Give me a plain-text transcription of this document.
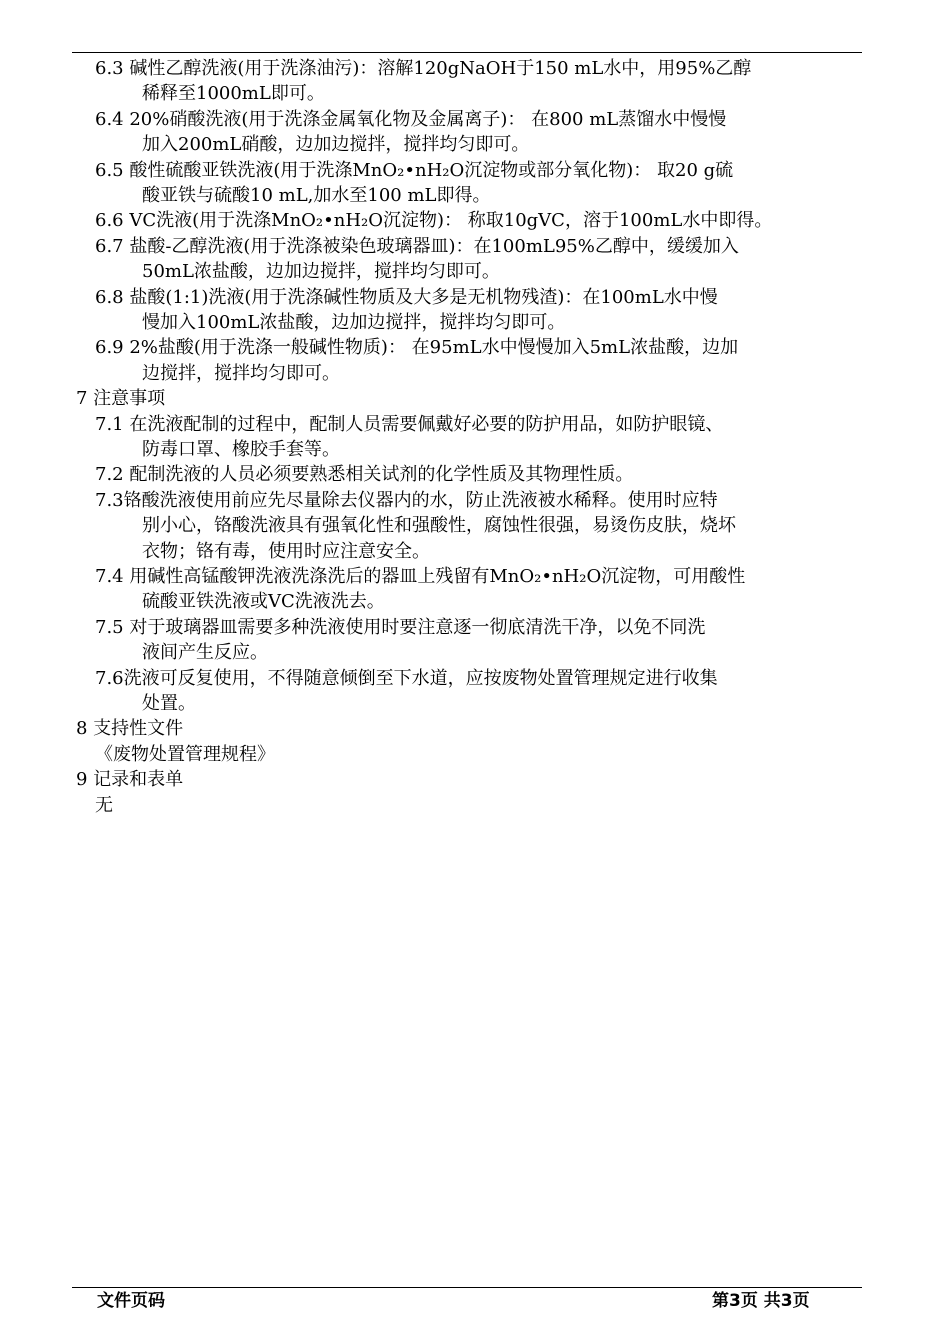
6.3 碱性乙醇洗液(用于洗涤油污)：溶解120gNaOH于150 mL水中，用95%乙醇
稀释至1000mL即可。
6.4 20%硝酸洗液(用于洗涤金属氧化物及金属离子)： 在800 mL蒸馏水中慢慢
加入200mL硝酸，边加边搅拌，搅拌均匀即可。
6.5 酸性硫酸亚铁洗液(用于洗涤MnO₂•nH₂O沉淀物或部分氧化物)： 取20 g硫
酸亚铁与硫酸10 mL,加水至100 mL即得。
6.6 VC洗液(用于洗涤MnO₂•nH₂O沉淀物)： 称取10gVC，溶于100mL水中即得。
6.7 盐酸-乙醇洗液(用于洗涤被染色玻璃器皿)：在100mL95%乙醇中，缓缓加入
50mL浓盐酸，边加边搅拌，搅拌均匀即可。
6.8 盐酸(1:1)洗液(用于洗涤碱性物质及大多是无机物残渣)：在100mL水中慢
慢加入100mL浓盐酸，边加边搅拌，搅拌均匀即可。
6.9 2%盐酸(用于洗涤一般碱性物质)： 在95mL水中慢慢加入5mL浓盐酸，边加
边搅拌，搅拌均匀即可。
7 注意事项
7.1 在洗液配制的过程中，配制人员需要佩戴好必要的防护用品，如防护眼镜、
防毒口罩、橡胶手套等。
7.2 配制洗液的人员必须要熟悉相关试剂的化学性质及其物理性质。
7.3铬酸洗液使用前应先尽量除去仪器内的水，防止洗液被水稀释。使用时应特
别小心，铬酸洗液具有强氧化性和强酸性，腐蚀性很强，易烫伤皮肤，烧坏
衣物；铬有毒，使用时应注意安全。
7.4 用碱性高锰酸钾洗液洗涤洗后的器皿上残留有MnO₂•nH₂O沉淀物，可用酸性
硫酸亚铁洗液或VC洗液洗去。
7.5 对于玻璃器皿需要多种洗液使用时要注意逐一彻底清洗干净，以免不同洗
液间产生反应。
7.6洗液可反复使用，不得随意倾倒至下水道，应按废物处置管理规定进行收集
处置。
8 支持性文件
《废物处置管理规程》
9 记录和表单
无
文件页码	第3页 共3页
